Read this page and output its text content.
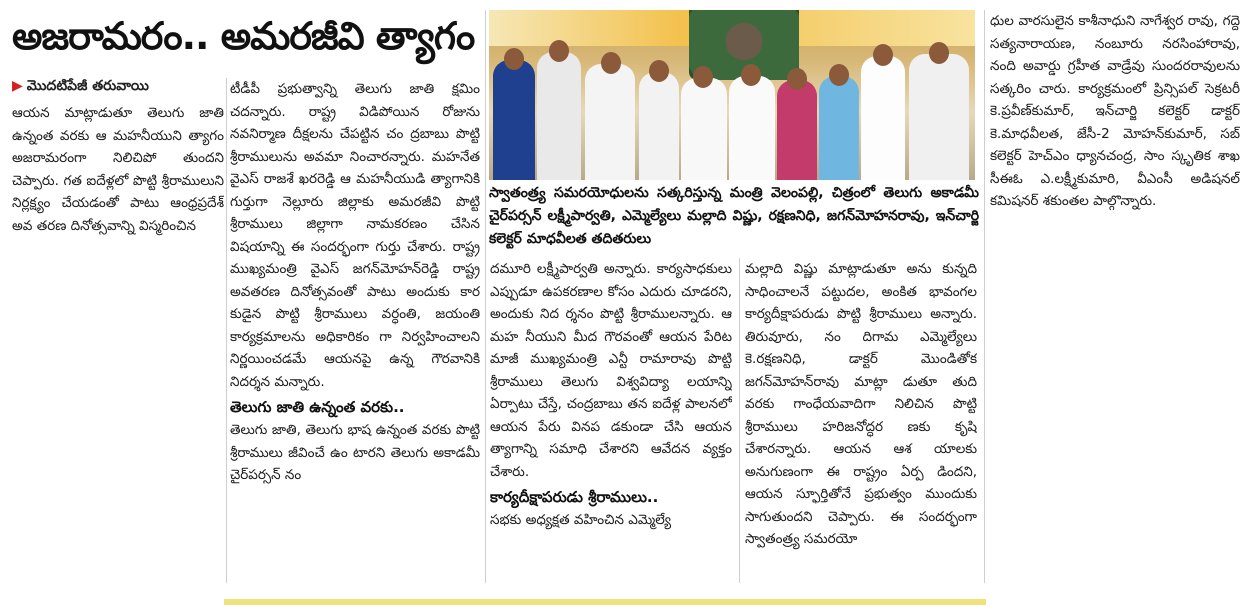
అజరామరం.. అమరజీవి త్యాగం
▶ మొదటిపేజీ తరువాయి

ఆయన మాట్లాడుతూ తెలుగు జాతి ఉన్నంత వరకు ఆ మహనీయుని త్యాగం అజరామరంగా నిలిచిపో తుందని చెప్పారు. గత ఐదేళ్లలో పొట్టి శ్రీరాములుని నిర్లక్ష్యం చేయడంతో పాటు ఆంధ్రప్రదేశ్ అవ తరణ దినోత్సవాన్ని విస్మరించిన

టీడీపీ ప్రభుత్వాన్ని తెలుగు జాతి క్షమిం చదన్నారు. రాష్ట్ర విడిపోయిన రోజును నవనిర్మాణ దీక్షలను చేపట్టిన చం ద్రబాబు పొట్టి శ్రీరాములును అవమా నించారన్నారు. మహనేత వైఎస్ రాజశే ఖరరెడ్డి ఆ మహనీయుడి త్యాగానికి గుర్తుగా నెల్లూరు జిల్లాకు అమరజీవి పొట్టి శ్రీరాములు జిల్లాగా నామకరణం చేసిన విషయాన్ని ఈ సందర్భంగా గుర్తు చేశారు. రాష్ట్ర ముఖ్యమంత్రి వైఎస్ జగన్‌మోహన్‌రెడ్డి రాష్ట్ర అవతరణ దినోత్సవంతో పాటు అందుకు కార కుడైన పొట్టి శ్రీరాములు వర్ధంతి, జయంతి కార్యక్రమాలను అధికారికం గా నిర్వహించాలని నిర్ణయించడమే ఆయనపై ఉన్న గౌరవానికి నిదర్శన మన్నారు.

తెలుగు జాతి ఉన్నంత వరకు..

తెలుగు జాతి, తెలుగు భాష ఉన్నంత వరకు పొట్టి శ్రీరాములు జీవించే ఉం టారని తెలుగు అకాడమీ చైర్‌పర్సన్ నం

స్వాతంత్ర్య సమరయోధులను సత్కరిస్తున్న మంత్రి వెలంపల్లి, చిత్రంలో తెలుగు అకాడమీ చైర్‌పర్సన్ లక్ష్మీపార్వతి, ఎమ్మెల్యేలు మల్లాది విష్ణు, రక్షణనిధి, జగన్‌మోహనరావు, ఇన్‌చార్జి కలెక్టర్ మాధవీలత తదితరులు

దమూరి లక్ష్మీపార్వతి అన్నారు. కార్యసాధకులు ఎప్పుడూ ఉపకరణాల కోసం ఎదురు చూడరని, అందుకు నిద ర్శనం పొట్టి శ్రీరాములన్నారు. ఆ మహ నీయుని మీద గౌరవంతో ఆయన పేరిట మాజీ ముఖ్యమంత్రి ఎన్టీ రామారావు పొట్టి శ్రీరాములు తెలుగు విశ్వవిద్యా లయాన్ని ఏర్పాటు చేస్తే, చంద్రబాబు తన ఐదేళ్ల పాలనలో ఆయన పేరు వినప డకుండా చేసి ఆయన త్యాగాన్ని సమాధి చేశారని ఆవేదన వ్యక్తం చేశారు.

కార్యదీక్షాపరుడు శ్రీరాములు..

సభకు అధ్యక్షత వహించిన ఎమ్మెల్యే

మల్లాది విష్ణు మాట్లాడుతూ అను కున్నది సాధించాలనే పట్టుదల, అంకిత భావంగల కార్యదీక్షాపరుడు పొట్టి శ్రీరాములు అన్నారు. తిరువూరు, నం దిగామ ఎమ్మెల్యేలు కె.రక్షణనిధి, డాక్టర్ మొండితోక జగన్‌మోహన్‌రావు మాట్లా డుతూ తుది వరకు గాంధేయవాదిగా నిలిచిన పొట్టి శ్రీరాములు హరిజనోద్ధర ణకు కృషి చేశారన్నారు. ఆయన ఆశ యాలకు అనుగుణంగా ఈ రాష్ట్రం ఏర్ప డిందని, ఆయన స్ఫూర్తితోనే ప్రభుత్వం ముందుకు సాగుతుందని చెప్పారు. ఈ సందర్భంగా స్వాతంత్ర్య సమరయో

ధుల వారసులైన కాశీనాధుని నాగేశ్వర రావు, గద్దె సత్యనారాయణ, నంబూరు నరసింహారావు, నంది అవార్డు గ్రహీత వాడ్రేవు సుందరరావులను సత్కరిం చారు. కార్యక్రమంలో ప్రిన్సిపల్ సెక్రటరీ కె.ప్రవీణ్‌కుమార్, ఇన్‌చార్జి కలెక్టర్ డాక్టర్ కె.మాధవీలత, జేసీ-2 మోహన్‌కుమార్, సబ్ కలెక్టర్ హెచ్ఎం ధ్యానచంద్ర, సాం స్కృతిక శాఖ సీఈఓ ఎ.లక్ష్మీకుమారి, వీఎంసీ అడిషనల్ కమిషనర్ శకుంతల పాల్గొన్నారు.
